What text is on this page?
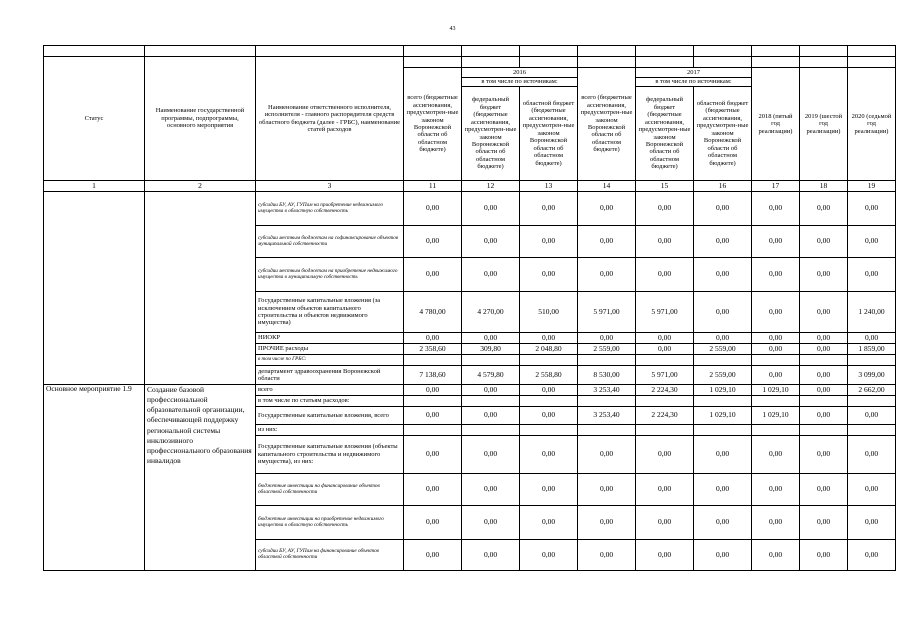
43

Статус	Наименование государственной программы, подпрограммы, основного мероприятия	Наименование ответственного исполнителя, исполнителя - главного распорядителя средств областного бюджета (далее - ГРБС), наименование статей расходов									
			всего (бюджетные ассигнования, предусмотрен-ные законом Воронежской области об областном бюджете)	2016		всего (бюджетные ассигнования, предусмотрен-ные законом Воронежской области об областном бюджете)	2017		2018 (пятый год реализации)	2019 (шестой год реализации)	2020 (седьмой год реализации)
				в том числе по источникам:			в том числе по источникам:				
				федеральный бюджет (бюджетные ассигнования, предусмотрен-ные законом Воронежской области об областном бюджете)	областной бюджет (бюджетные ассигнования, предусмотрен-ные законом Воронежской области об областном бюджете)		федеральный бюджет (бюджетные ассигнования, предусмотрен-ные законом Воронежской области об областном бюджете)	областной бюджет (бюджетные ассигнования, предусмотрен-ные законом Воронежской области об областном бюджете)			
1	2	3	11	12	13	14	15	16	17	18	19
		субсидии БУ, АУ, ГУПам на приобретение недвижимого имущества в областную собственность	0,00	0,00	0,00	0,00	0,00	0,00	0,00	0,00	0,00
		субсидии местным бюджетам на софинансирование объектов муниципальной собственности	0,00	0,00	0,00	0,00	0,00	0,00	0,00	0,00	0,00
		субсидии местным бюджетам на приобретение недвижимого имущества в муниципальную собственность	0,00	0,00	0,00	0,00	0,00	0,00	0,00	0,00	0,00
		Государственные капитальные вложения (за исключением объектов капитального строительства и объектов недвижимого имущества)	4 780,00	4 270,00	510,00	5 971,00	5 971,00	0,00	0,00	0,00	1 240,00
		НИОКР	0,00	0,00	0,00	0,00	0,00	0,00	0,00	0,00	0,00
		ПРОЧИЕ расходы	2 358,60	309,80	2 048,80	2 559,00	0,00	2 559,00	0,00	0,00	1 859,00
		в том числе по ГРБС:									
		департамент здравоохранения Воронежской области	7 138,60	4 579,80	2 558,80	8 530,00	5 971,00	2 559,00	0,00	0,00	3 099,00
Основное мероприятие 1.9	Создание базовой профессиональной образовательной организации, обеспечивающей поддержку региональной системы инклюзивного профессионального образования инвалидов	всего	0,00	0,00	0,00	3 253,40	2 224,30	1 029,10	1 029,10	0,00	2 662,00
		в том числе по статьям расходов:									
		Государственные капитальные вложения, всего	0,00	0,00	0,00	3 253,40	2 224,30	1 029,10	1 029,10	0,00	0,00
		из них:									
		Государственные капитальные вложения (объекты капитального строительства и недвижимого имущества), из них:	0,00	0,00	0,00	0,00	0,00	0,00	0,00	0,00	0,00
		бюджетные инвестиции на финансирование объектов областной собственности	0,00	0,00	0,00	0,00	0,00	0,00	0,00	0,00	0,00
		бюджетные инвестиции на приобретение недвижимого имущества в областную собственность	0,00	0,00	0,00	0,00	0,00	0,00	0,00	0,00	0,00
		субсидии БУ, АУ, ГУПам на финансирование объектов областной собственности	0,00	0,00	0,00	0,00	0,00	0,00	0,00	0,00	0,00
